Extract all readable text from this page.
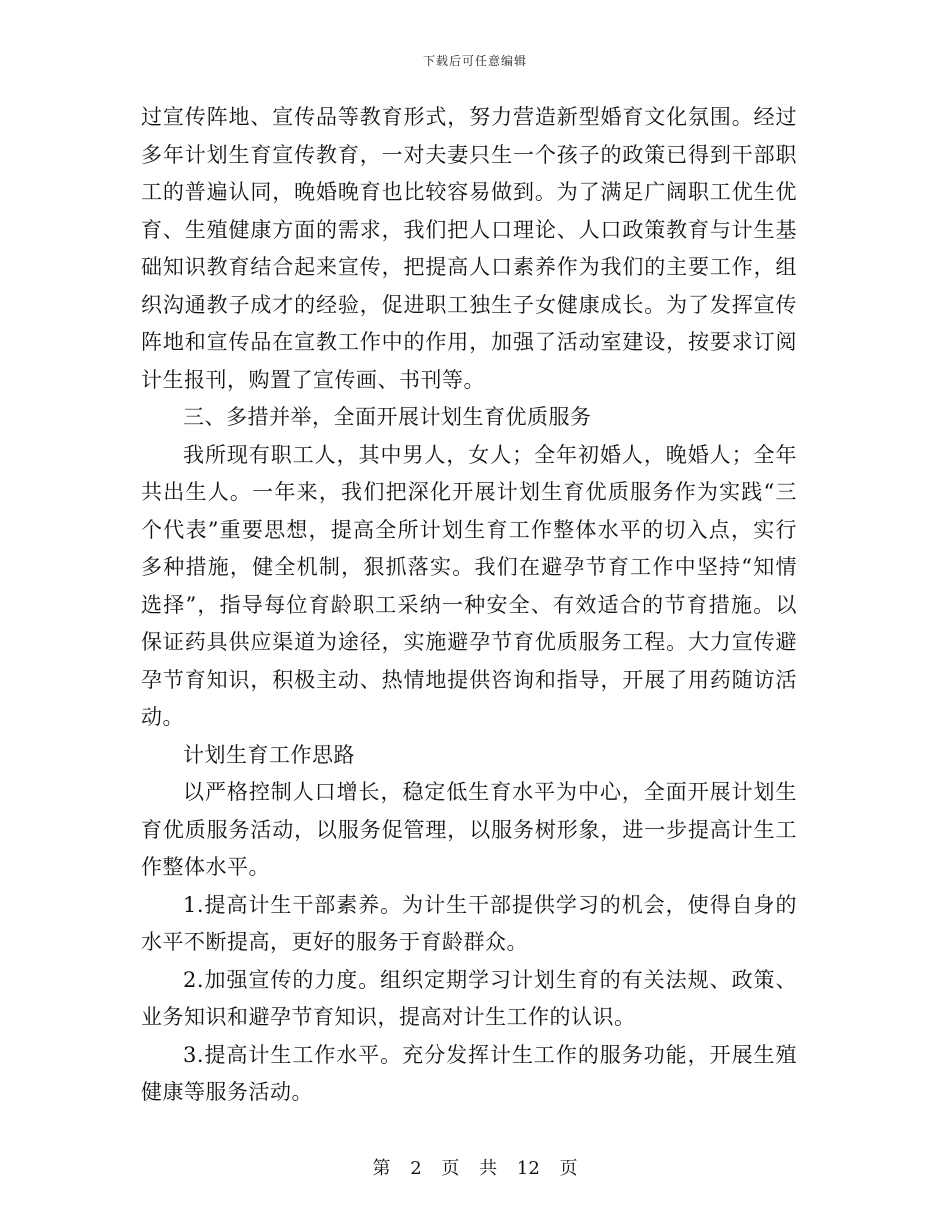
下载后可任意编辑

过宣传阵地、宣传品等教育形式，努力营造新型婚育文化氛围。经过多年计划生育宣传教育，一对夫妻只生一个孩子的政策已得到干部职工的普遍认同，晚婚晚育也比较容易做到。为了满足广阔职工优生优育、生殖健康方面的需求，我们把人口理论、人口政策教育与计生基础知识教育结合起来宣传，把提高人口素养作为我们的主要工作，组织沟通教子成才的经验，促进职工独生子女健康成长。为了发挥宣传阵地和宣传品在宣教工作中的作用，加强了活动室建设，按要求订阅计生报刊，购置了宣传画、书刊等。

三、多措并举，全面开展计划生育优质服务

我所现有职工人，其中男人，女人；全年初婚人，晚婚人；全年共出生人。一年来，我们把深化开展计划生育优质服务作为实践“三个代表”重要思想，提高全所计划生育工作整体水平的切入点，实行多种措施，健全机制，狠抓落实。我们在避孕节育工作中坚持“知情选择”，指导每位育龄职工采纳一种安全、有效适合的节育措施。以保证药具供应渠道为途径，实施避孕节育优质服务工程。大力宣传避孕节育知识，积极主动、热情地提供咨询和指导，开展了用药随访活动。

计划生育工作思路

以严格控制人口增长，稳定低生育水平为中心，全面开展计划生育优质服务活动，以服务促管理，以服务树形象，进一步提高计生工作整体水平。

1.提高计生干部素养。为计生干部提供学习的机会，使得自身的水平不断提高，更好的服务于育龄群众。

2.加强宣传的力度。组织定期学习计划生育的有关法规、政策、业务知识和避孕节育知识，提高对计生工作的认识。

3.提高计生工作水平。充分发挥计生工作的服务功能，开展生殖健康等服务活动。

第 2 页 共 12 页
